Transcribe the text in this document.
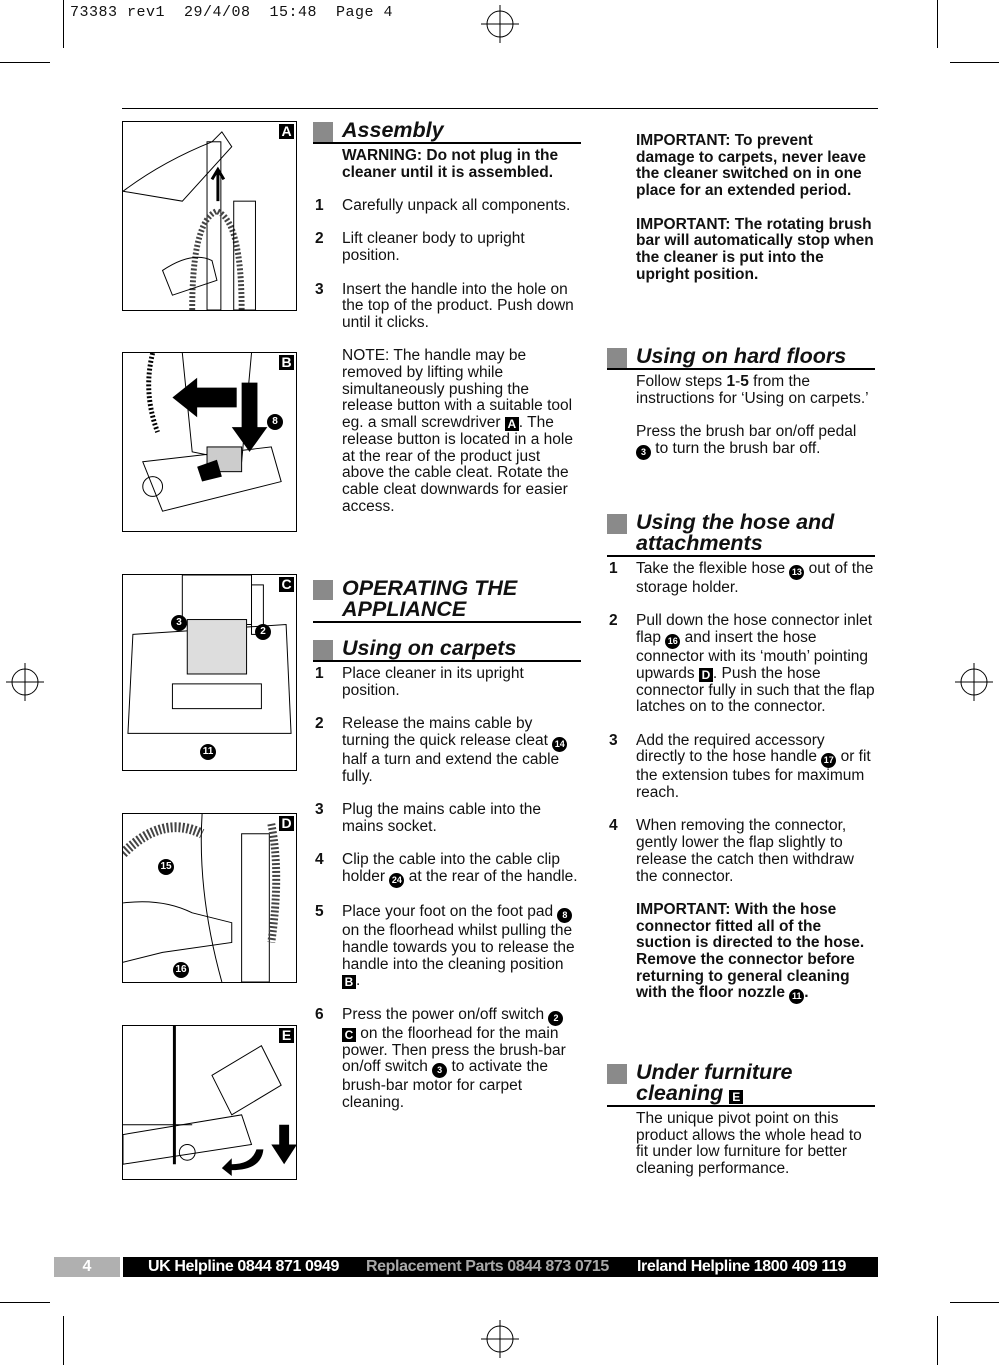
73383 rev1  29/4/08  15:48  Page 4
A
B
8
C
3
2
11
D
15
16
E
Assembly
WARNING: Do not plug in the cleaner until it is assembled.
1 Carefully unpack all components.
2 Lift cleaner body to upright position.
3 Insert the handle into the hole on the top of the product. Push down until it clicks.
NOTE: The handle may be removed by lifting while simultaneously pushing the release button with a suitable tool eg. a small screwdriver A . The release button is located in a hole at the rear of the product just above the cable cleat. Rotate the cable cleat downwards for easier access.
OPERATING THE APPLIANCE
Using on carpets
1 Place cleaner in its upright position.
2 Release the mains cable by turning the quick release cleat 14 half a turn and extend the cable fully.
3 Plug the mains cable into the mains socket.
4 Clip the cable into the cable clip holder 24 at the rear of the handle.
5 Place your foot on the foot pad 8 on the floorhead whilst pulling the handle towards you to release the handle into the cleaning position B .
6 Press the power on/off switch 2 C on the floorhead for the main power. Then press the brush-bar on/off switch 3 to activate the brush-bar motor for carpet cleaning.
IMPORTANT: To prevent damage to carpets, never leave the cleaner switched on in one place for an extended period.
IMPORTANT: The rotating brush bar will automatically stop when the cleaner is put into the upright position.
Using on hard floors
Follow steps 1-5 from the instructions for ‘Using on carpets.’
Press the brush bar on/off pedal 3 to turn the brush bar off.
Using the hose and attachments
1 Take the flexible hose 13 out of the storage holder.
2 Pull down the hose connector inlet flap 16 and insert the hose connector with its ‘mouth’ pointing upwards D . Push the hose connector fully in such that the flap latches on to the connector.
3 Add the required accessory directly to the hose handle 17 or fit the extension tubes for maximum reach.
4 When removing the connector, gently lower the flap slightly to release the catch then withdraw the connector.
IMPORTANT: With the hose connector fitted all of the suction is directed to the hose. Remove the connector before returning to general cleaning with the floor nozzle 11 .
Under furniture cleaning E
The unique pivot point on this product allows the whole head to fit under low furniture for better cleaning performance.
4	UK Helpline 0844 871 0949 Replacement Parts 0844 873 0715 Ireland Helpline 1800 409 119
